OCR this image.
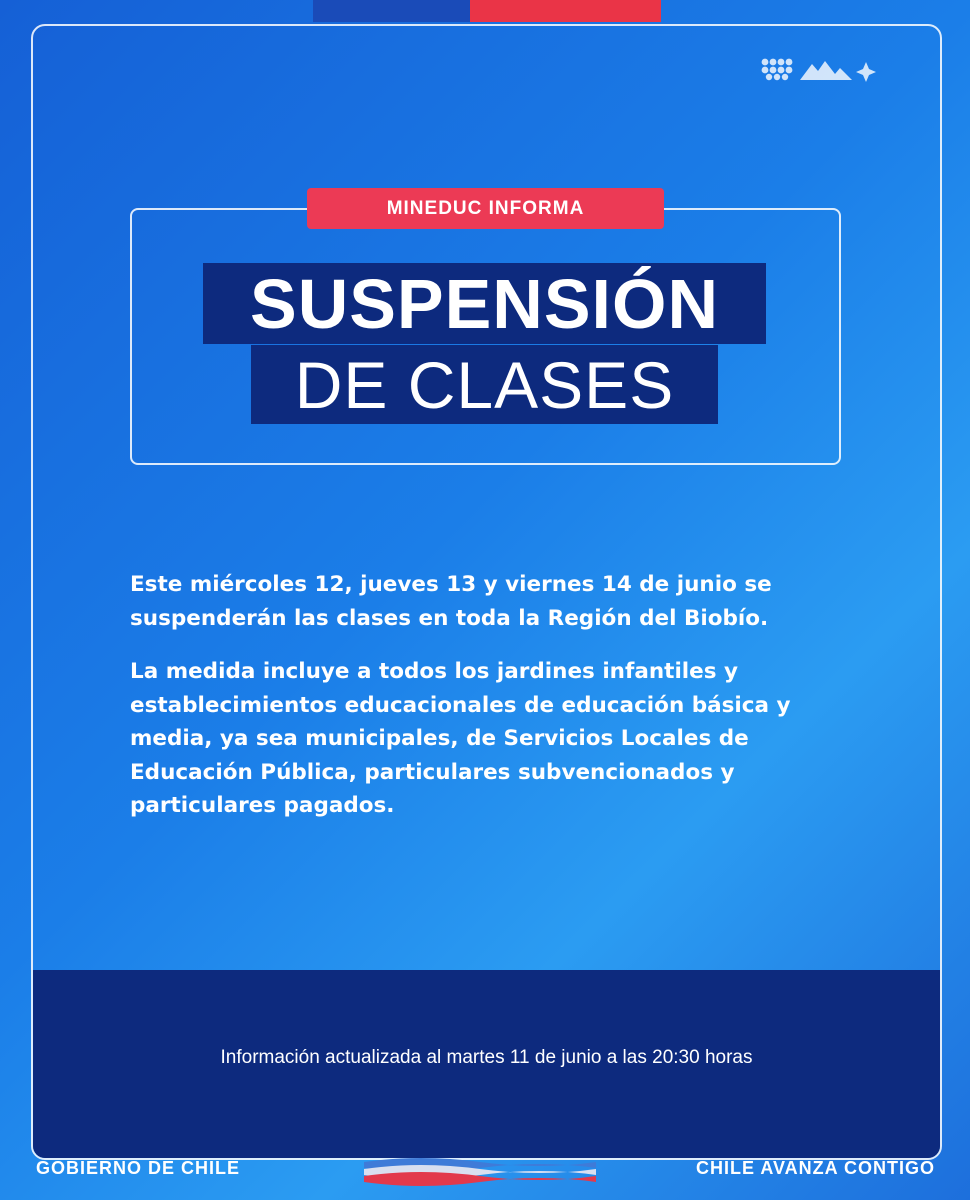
Información actualizada al martes 11 de junio a las 20:30 horas
MINEDUC INFORMA
SUSPENSIÓN
DE CLASES

Este miércoles 12, jueves 13 y viernes 14 de junio se suspenderán las clases en toda la Región del Biobío.

La medida incluye a todos los jardines infantiles y establecimientos educacionales de educación básica y media, ya sea municipales, de Servicios Locales de Educación Pública, particulares subvencionados y particulares pagados.

GOBIERNO DE CHILE	CHILE AVANZA CONTIGO
